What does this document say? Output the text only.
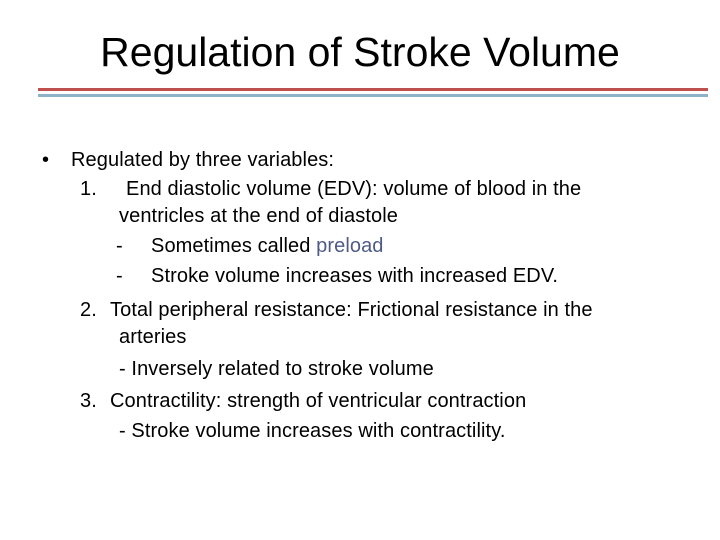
Regulation of Stroke Volume
• Regulated by three variables:
1. End diastolic volume (EDV): volume of blood in the
ventricles at the end of diastole
- Sometimes called preload
- Stroke volume increases with increased EDV.
2. Total peripheral resistance: Frictional resistance in the
arteries
- Inversely related to stroke volume
3. Contractility: strength of ventricular contraction
- Stroke volume increases with contractility.
